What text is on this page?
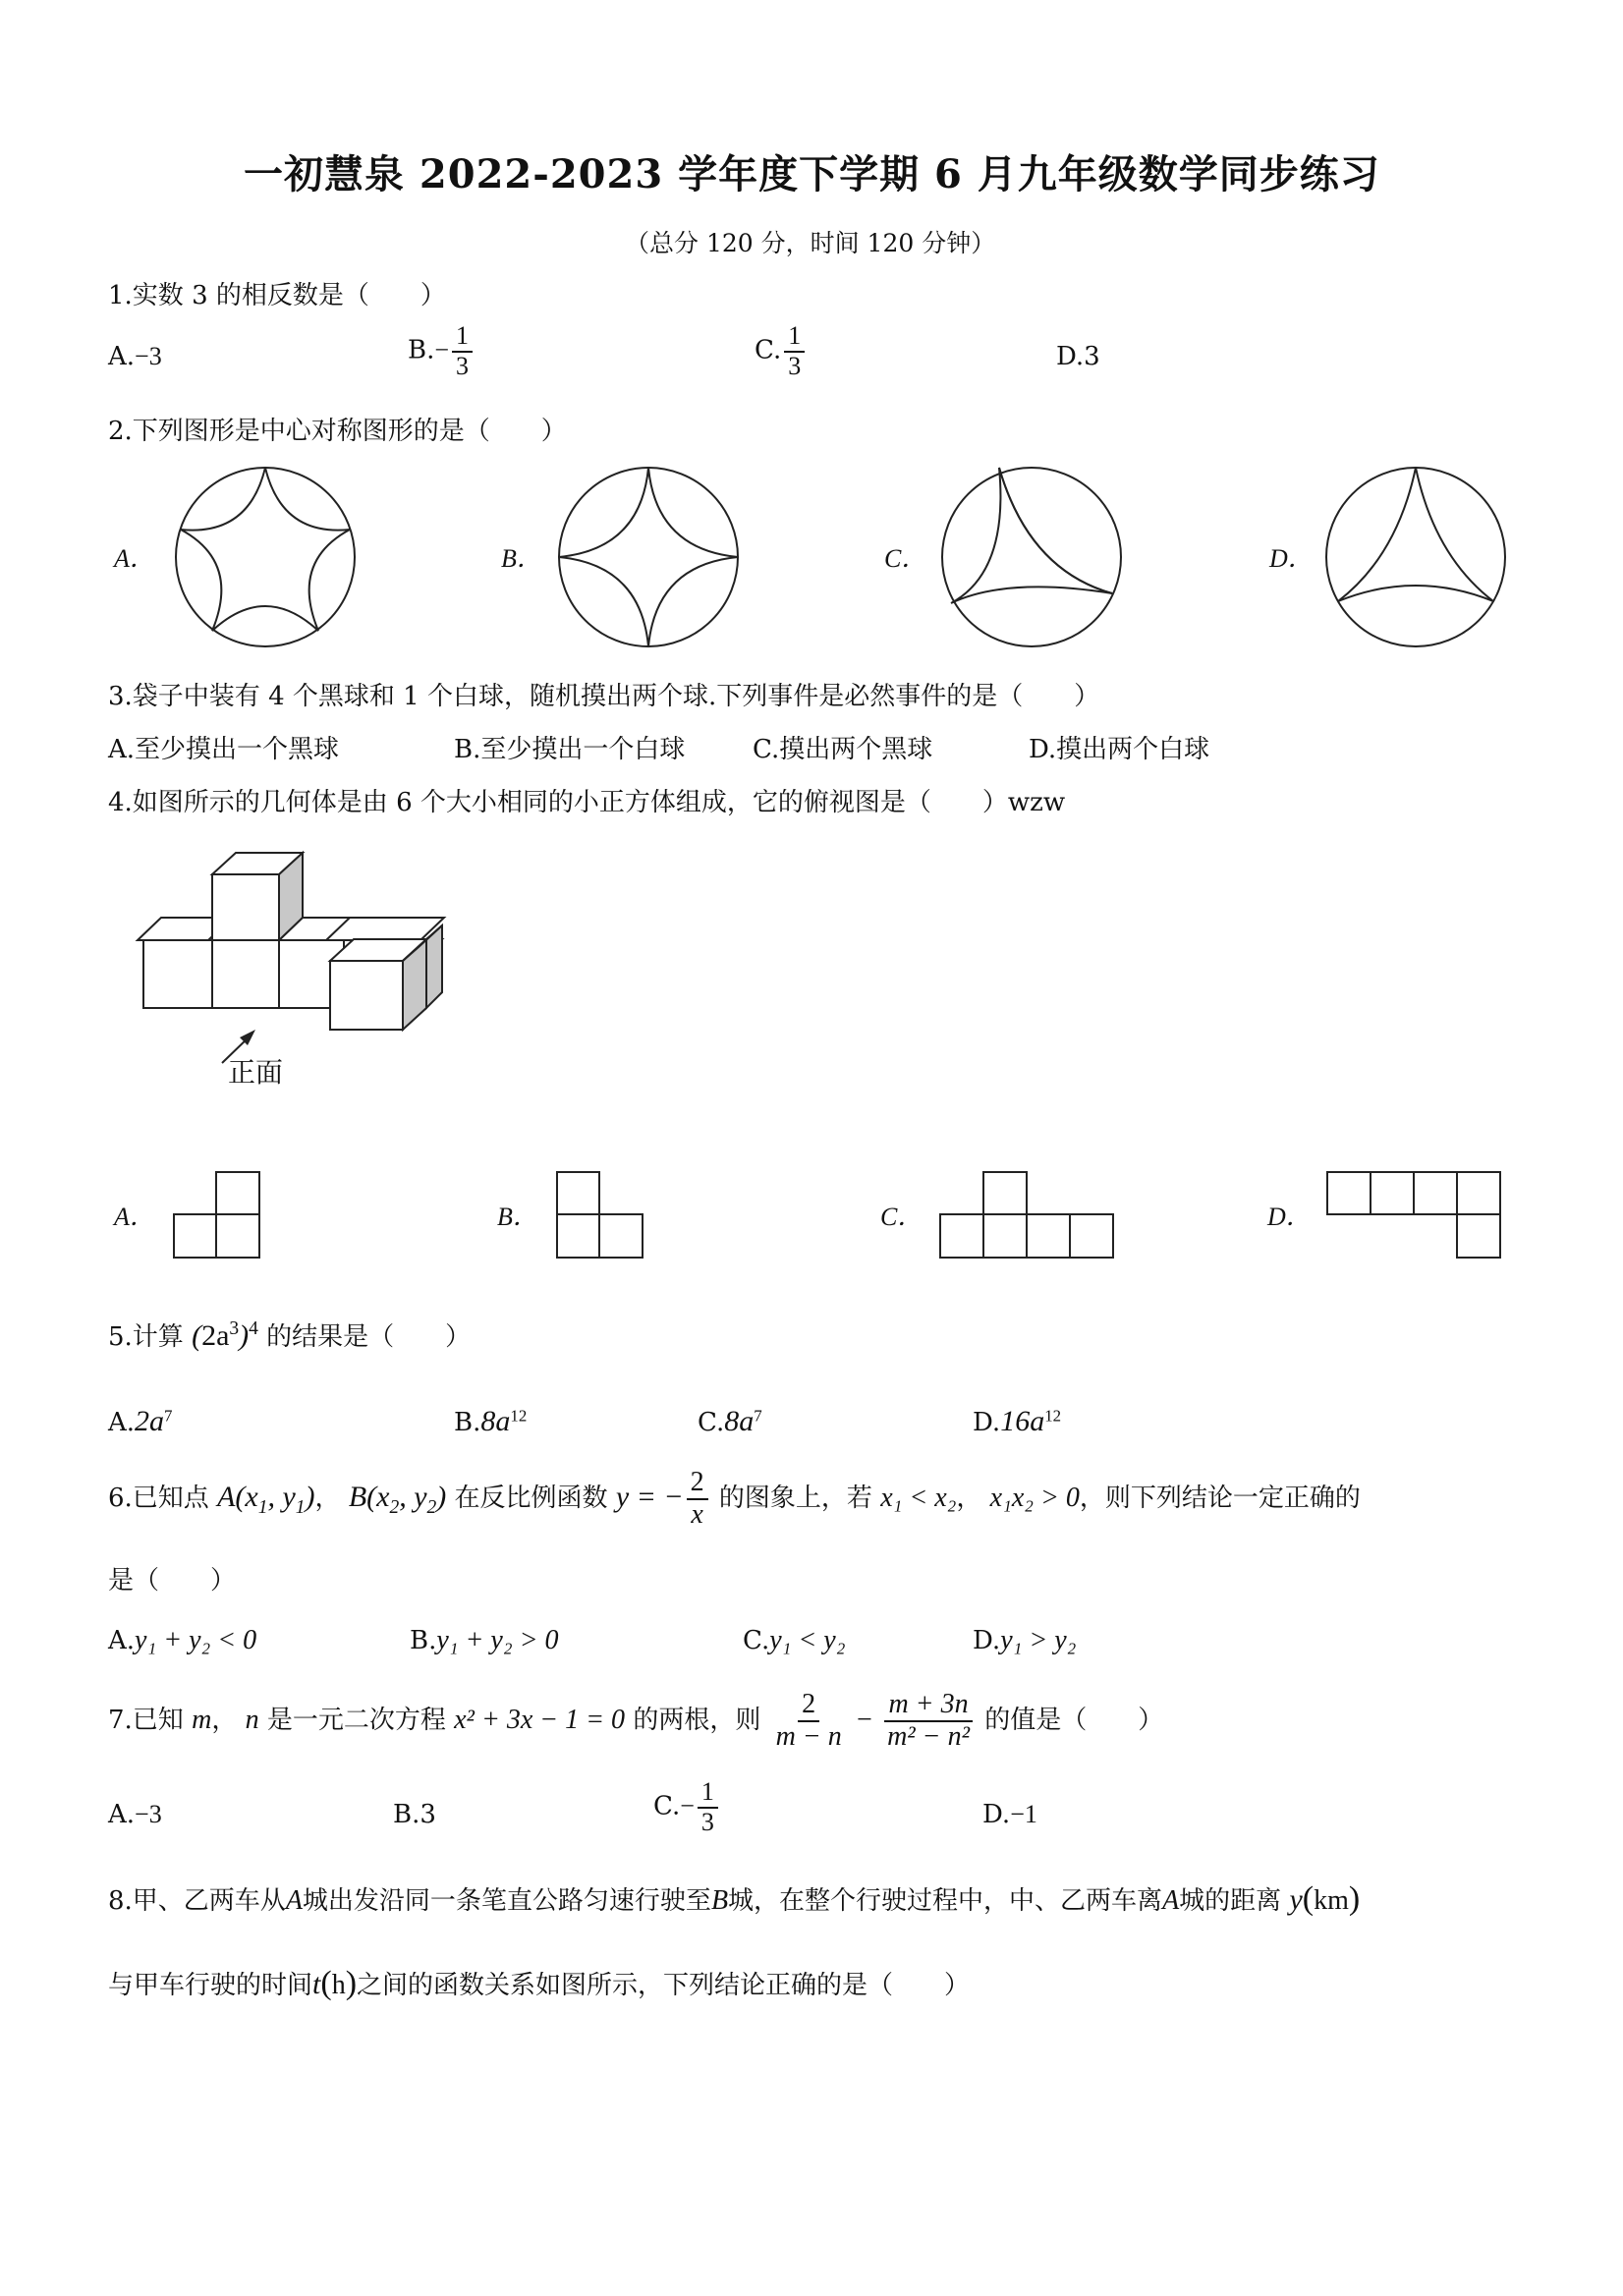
一初慧泉 2022-2023 学年度下学期 6 月九年级数学同步练习
（总分 120 分，时间 120 分钟）
1.实数 3 的相反数是（　　）
A.−3	$B.- \frac{1}{3}$	C. $\frac{1}{3}$	D.3
2.下列图形是中心对称图形的是（　　）
A．	B．	C．	D．
3.袋子中装有 4 个黑球和 1 个白球，随机摸出两个球.下列事件是必然事件的是（　　）
A.至少摸出一个黑球	B.至少摸出一个白球	C.摸出两个黑球	D.摸出两个白球
4.如图所示的几何体是由 6 个大小相同的小正方体组成，它的俯视图是（　　）wzw
正面
A．	B．	C．	D．
5.计算 $(2a^3)^4$ 的结果是（　　）
$A.2a^7$	$B.8a^{12}$	$C.8a^7$	$D.16a^{12}$
6.已知点 $A(x_1$, $y_1$)， $B(x_2$, $y_2$) 在反比例函数 y = − $\frac{2}{x}$ 的图象上，若 x₁ < x₂， x₁x₂ > 0，则下列结论一定正确的
是（　　）
A.y₁ + y₂ < 0	B.y₁ + y₂ > 0	C.y₁ < y₂	D.y₁ > y₂
7.已知 m， n 是一元二次方程 x² + 3x − 1 = 0 的两根，则 $\frac{2}{m - n} - \frac{m + 3n}{\text{m² − n²}}$ 的值是（　　）
A.−3	B.3	$C.- \frac{1}{3}$	D.−1
8.甲、乙两车从A城出发沿同一条笔直公路匀速行驶至B城，在整个行驶过程中，中、乙两车离A城的距离 y(km)
与甲车行驶的时间t(h)之间的函数关系如图所示，下列结论正确的是（　　）
